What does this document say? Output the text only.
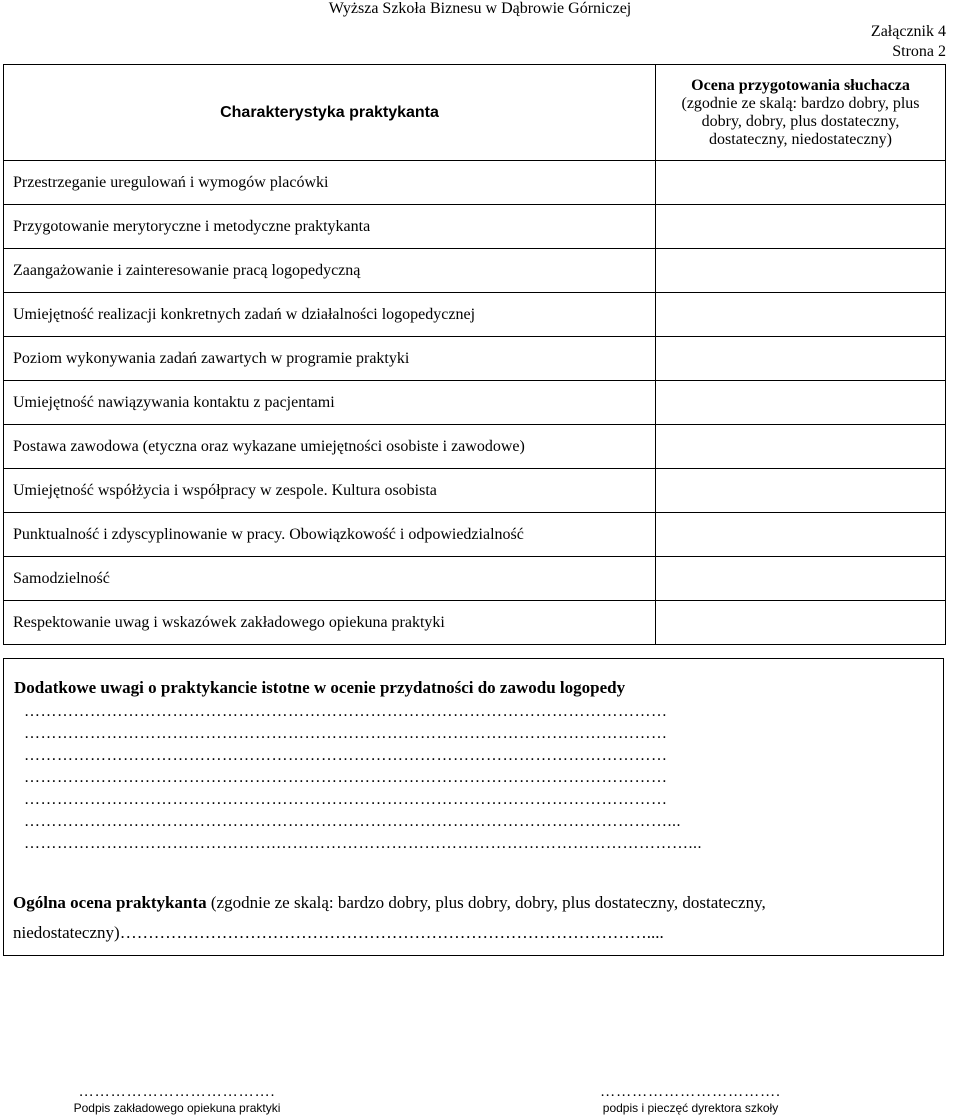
Wyższa Szkoła Biznesu w Dąbrowie Górniczej
Załącznik 4
Strona 2
Charakterystyka praktykanta	Ocena przygotowania słuchacza
(zgodnie ze skalą: bardzo dobry, plus dobry, dobry, plus dostateczny, dostateczny, niedostateczny)

Przestrzeganie uregulowań i wymogów placówki	
Przygotowanie merytoryczne i metodyczne praktykanta	
Zaangażowanie i zainteresowanie pracą logopedyczną	
Umiejętność realizacji konkretnych zadań w działalności logopedycznej	
Poziom wykonywania zadań zawartych w programie praktyki	
Umiejętność nawiązywania kontaktu z pacjentami	
Postawa zawodowa (etyczna oraz wykazane umiejętności osobiste i zawodowe)	
Umiejętność współżycia i współpracy w zespole. Kultura osobista	
Punktualność i zdyscyplinowanie w pracy. Obowiązkowość i odpowiedzialność	
Samodzielność	
Respektowanie uwag i wskazówek zakładowego opiekuna praktyki	
Dodatkowe uwagi o praktykancie istotne w ocenie przydatności do zawodu logopedy
………………………………………………………………………………………………………
………………………………………………………………………………………………………
………………………………………………………………………………………………………
………………………………………………………………………………………………………
………………………………………………………………………………………………………
………………………………………………………………………………………………………...
……………………………………….…………………………………………………………………...
Ogólna ocena praktykanta (zgodnie ze skalą: bardzo dobry, plus dobry, dobry, plus dostateczny, dostateczny, niedostateczny)…………………………………………………………………………………....
……………………………….
Podpis zakładowego opiekuna praktyki
…………………………….
podpis i pieczęć dyrektora szkoły
